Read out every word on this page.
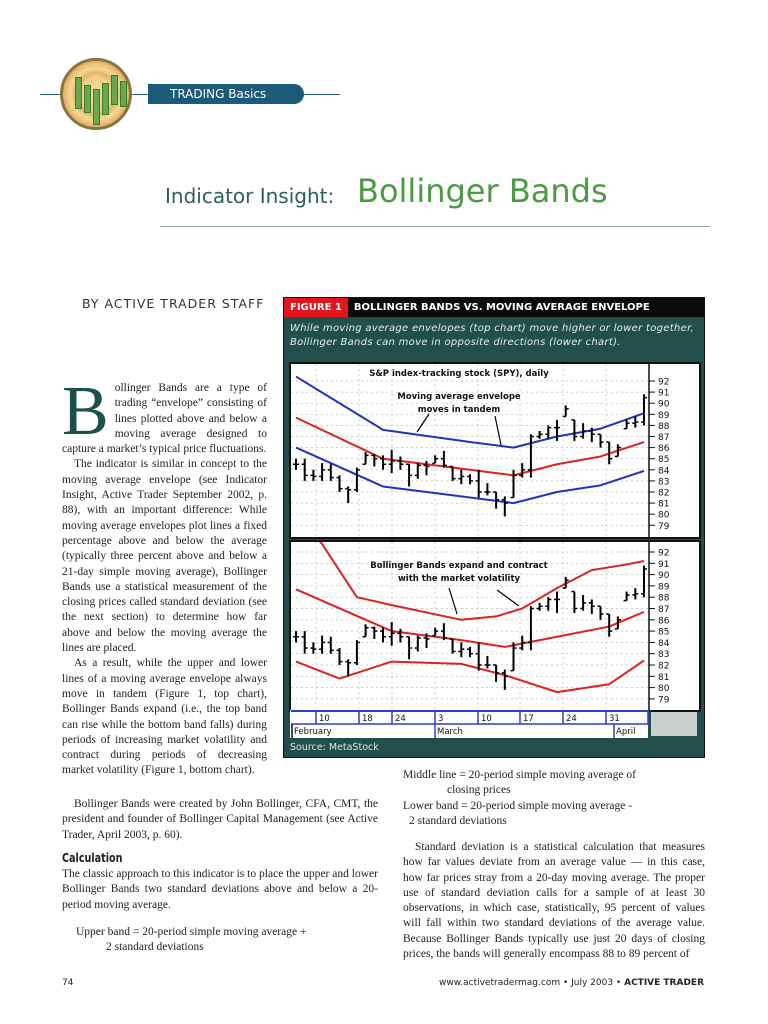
TRADING Basics
Indicator Insight: Bollinger Bands
BY ACTIVE TRADER STAFF

Bollinger Bands are a type of trading “envelope” consisting of lines plotted above and below a moving average designed to capture a market’s typical price fluctuations.

The indicator is similar in concept to the moving average envelope (see Indicator Insight, Active Trader September 2002, p. 88), with an important difference: While moving average envelopes plot lines a fixed percentage above and below the average (typically three percent above and below a 21-day simple moving average), Bollinger Bands use a statistical measurement of the closing prices called standard deviation (see the next section) to determine how far above and below the moving average the lines are placed.

As a result, while the upper and lower lines of a moving average envelope always move in tandem (Figure 1, top chart), Bollinger Bands expand (i.e., the top band can rise while the bottom band falls) during periods of increasing market volatility and contract during periods of decreasing market volatility (Figure 1, bottom chart).

Bollinger Bands were created by John Bollinger, CFA, CMT, the president and founder of Bollinger Capital Management (see Active Trader, April 2003, p. 60).

Calculation

The classic approach to this indicator is to place the upper and lower Bollinger Bands two standard deviations above and below a 20-period moving average.

Upper band = 20-period simple moving average +
2 standard deviations
Middle line = 20-period simple moving average of
closing prices
Lower band = 20-period simple moving average -
2 standard deviations

Standard deviation is a statistical calculation that measures how far values deviate from an average value — in this case, how far prices stray from a 20-day moving average. The proper use of standard deviation calls for a sample of at least 30 observations, in which case, statistically, 95 percent of values will fall within two standard deviations of the average value. Because Bollinger Bands typically use just 20 days of closing prices, the bands will generally encompass 88 to 89 percent of

FIGURE 1 BOLLINGER BANDS VS. MOVING AVERAGE ENVELOPE
While moving average envelopes (top chart) move higher or lower together, Bollinger Bands can move in opposite directions (lower chart).
92
91
90
89
88
87
86
85
84
83
82
81
80
79
Moving average envelope
moves in tandem
S&P index-tracking stock (SPY), daily
92
91
90
89
88
87
86
85
84
83
82
81
80
79
Bollinger Bands expand and contract
with the market volatility
10	18	24	3	10	17	24	31
February	March	April
Source: MetaStock
74	www.activetradermag.com • July 2003 • ACTIVE TRADER
